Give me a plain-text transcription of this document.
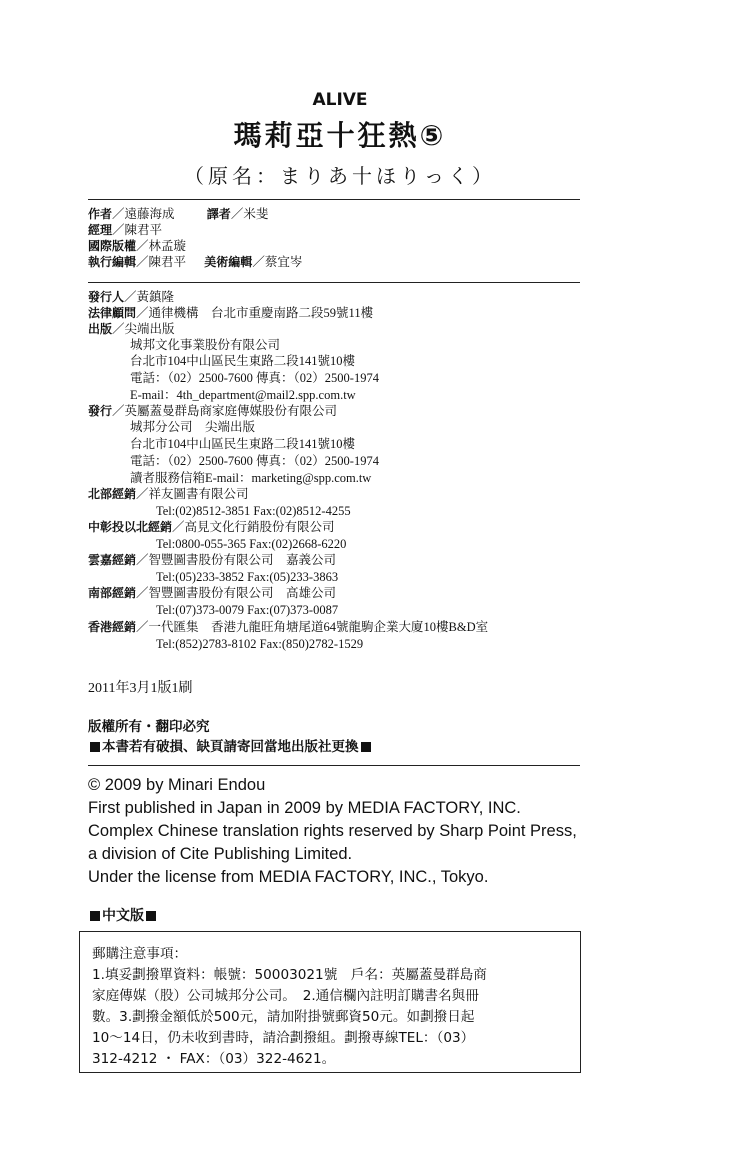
ALIVE
瑪莉亞十狂熱⑤
（原名：まりあ十ほりっく）
作者／遠藤海成	譯者／米斐
經理／陳君平
國際版權／林孟璇
執行編輯／陳君平 美術編輯／蔡宜岑
發行人／黃鎮隆
法律顧問／通律機構　台北市重慶南路二段59號11樓
出版／尖端出版
城邦文化事業股份有限公司
台北市104中山區民生東路二段141號10樓
電話：（02）2500-7600 傳真：（02）2500-1974
E-mail：4th_department@mail2.spp.com.tw
發行／英屬蓋曼群島商家庭傳媒股份有限公司
城邦分公司　尖端出版
台北市104中山區民生東路二段141號10樓
電話：（02）2500-7600 傳真：（02）2500-1974
讀者服務信箱E-mail：marketing@spp.com.tw
北部經銷／祥友圖書有限公司
Tel:(02)8512-3851 Fax:(02)8512-4255
中彰投以北經銷／高見文化行銷股份有限公司
Tel:0800-055-365 Fax:(02)2668-6220
雲嘉經銷／智豐圖書股份有限公司　嘉義公司
Tel:(05)233-3852 Fax:(05)233-3863
南部經銷／智豐圖書股份有限公司　高雄公司
Tel:(07)373-0079 Fax:(07)373-0087
香港經銷／一代匯集　香港九龍旺角塘尾道64號龍駒企業大廈10樓B&D室
Tel:(852)2783-8102 Fax:(850)2782-1529
2011年3月1版1刷
版權所有・翻印必究
本書若有破損、缺頁請寄回當地出版社更換
© 2009 by Minari Endou
First published in Japan in 2009 by MEDIA FACTORY, INC.
Complex Chinese translation rights reserved by Sharp Point Press,
a division of Cite Publishing Limited.
Under the license from MEDIA FACTORY, INC., Tokyo.
中文版
郵購注意事項：
1.填妥劃撥單資料：帳號：50003021號　戶名：英屬蓋曼群島商
家庭傳媒（股）公司城邦分公司。　2.通信欄內註明訂購書名與冊
數。3.劃撥金額低於500元，請加附掛號郵資50元。如劃撥日起
10～14日，仍未收到書時，請洽劃撥組。劃撥專線TEL：（03）
312-4212 ・ FAX：（03）322-4621。
